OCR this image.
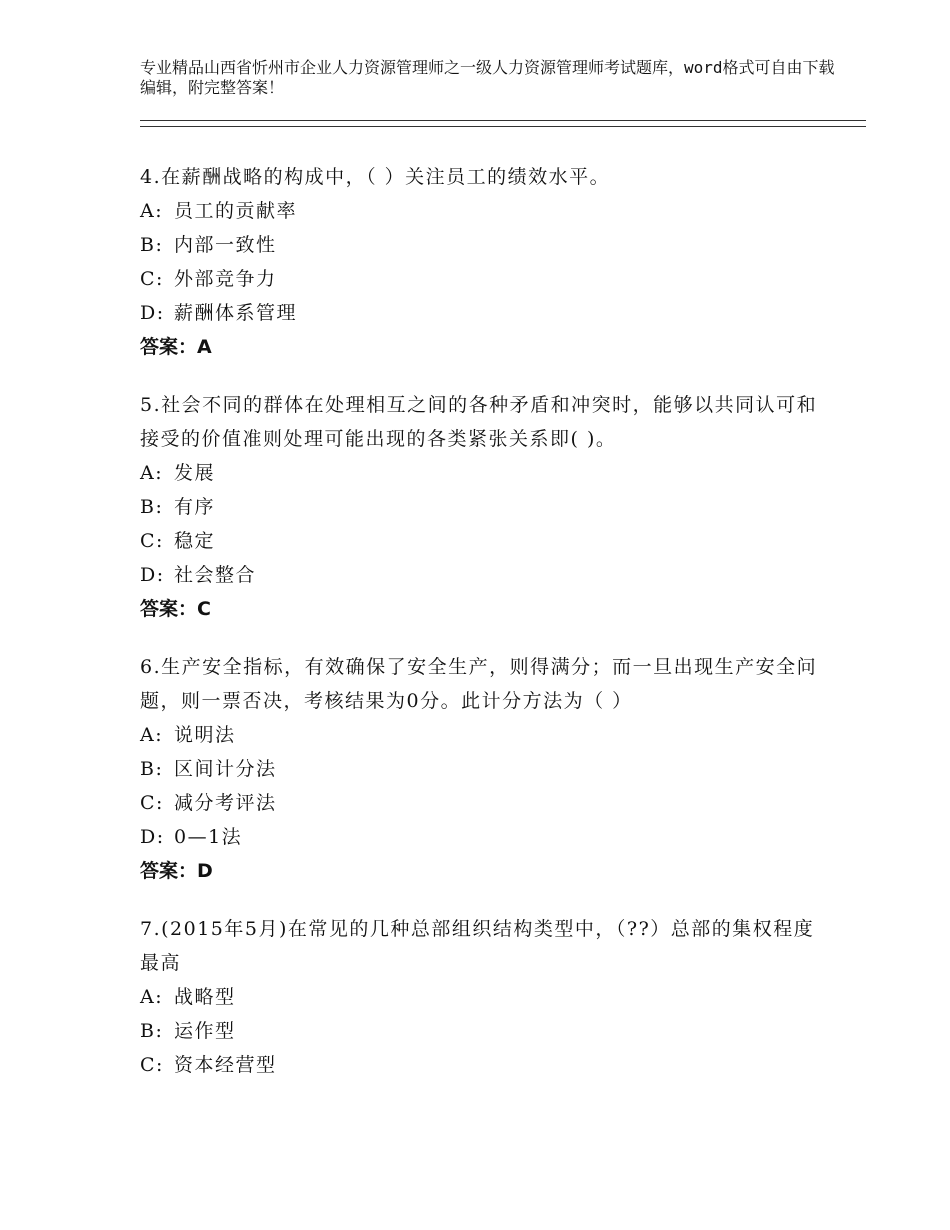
专业精品山西省忻州市企业人力资源管理师之一级人力资源管理师考试题库，word格式可自由下载编辑，附完整答案！

4.在薪酬战略的构成中，（ ）关注员工的绩效水平。

A: 员工的贡献率

B: 内部一致性

C: 外部竞争力

D: 薪酬体系管理

答案：A

5.社会不同的群体在处理相互之间的各种矛盾和冲突时，能够以共同认可和接受的价值准则处理可能出现的各类紧张关系即( )。

A: 发展

B: 有序

C: 稳定

D: 社会整合

答案：C

6.生产安全指标，有效确保了安全生产，则得满分；而一旦出现生产安全问题，则一票否决，考核结果为0分。此计分方法为（ ）

A: 说明法

B: 区间计分法

C: 减分考评法

D: 0—1法

答案：D

7.(2015年5月)在常见的几种总部组织结构类型中，（??）总部的集权程度最高

A: 战略型

B: 运作型

C: 资本经营型
